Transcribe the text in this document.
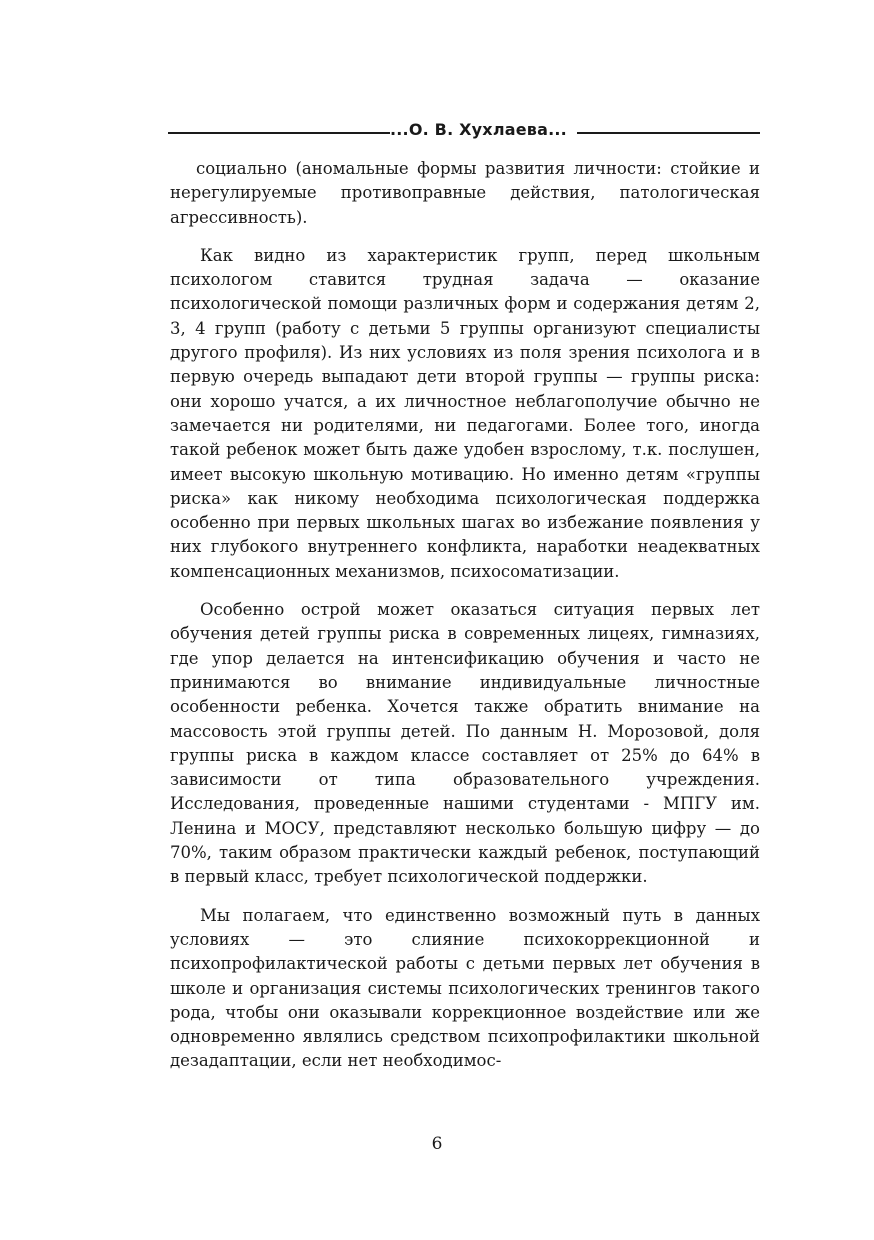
...О. В. Хухлаева...

социально (аномальные формы развития личности: стойкие и нерегулируемые противоправные действия, патологическая агрессивность).

Как видно из характеристик групп, перед школьным психологом ставится трудная задача — оказание психологической помощи различных форм и содержания детям 2, 3, 4 групп (работу с детьми 5 группы организуют специалисты другого профиля). Из них условиях из поля зрения психолога и в первую очередь выпадают дети второй группы — группы риска: они хорошо учатся, а их личностное неблагополучие обычно не замечается ни родителями, ни педагогами. Более того, иногда такой ребенок может быть даже удобен взрослому, т.к. послушен, имеет высокую школьную мотивацию. Но именно детям «группы риска» как никому необходима психологическая поддержка особенно при первых школьных шагах во избежание появления у них глубокого внутреннего конфликта, наработки неадекватных компенсационных механизмов, психосоматизации.

Особенно острой может оказаться ситуация первых лет обучения детей группы риска в современных лицеях, гимназиях, где упор делается на интенсификацию обучения и часто не принимаются во внимание индивидуальные личностные особенности ребенка. Хочется также обратить внимание на массовость этой группы детей. По данным Н. Морозовой, доля группы риска в каждом классе составляет от 25% до 64% в зависимости от типа образовательного учреждения. Исследования, проведенные нашими студентами - МПГУ им. Ленина и МОСУ, представляют несколько большую цифру — до 70%, таким образом практически каждый ребенок, поступающий в первый класс, требует психологической поддержки.

Мы полагаем, что единственно возможный путь в данных условиях — это слияние психокоррекционной и психопрофилактической работы с детьми первых лет обучения в школе и организация системы психологических тренингов такого рода, чтобы они оказывали коррекционное воздействие или же одновременно являлись средством психопрофилактики школьной дезадаптации, если нет необходимос-

6
